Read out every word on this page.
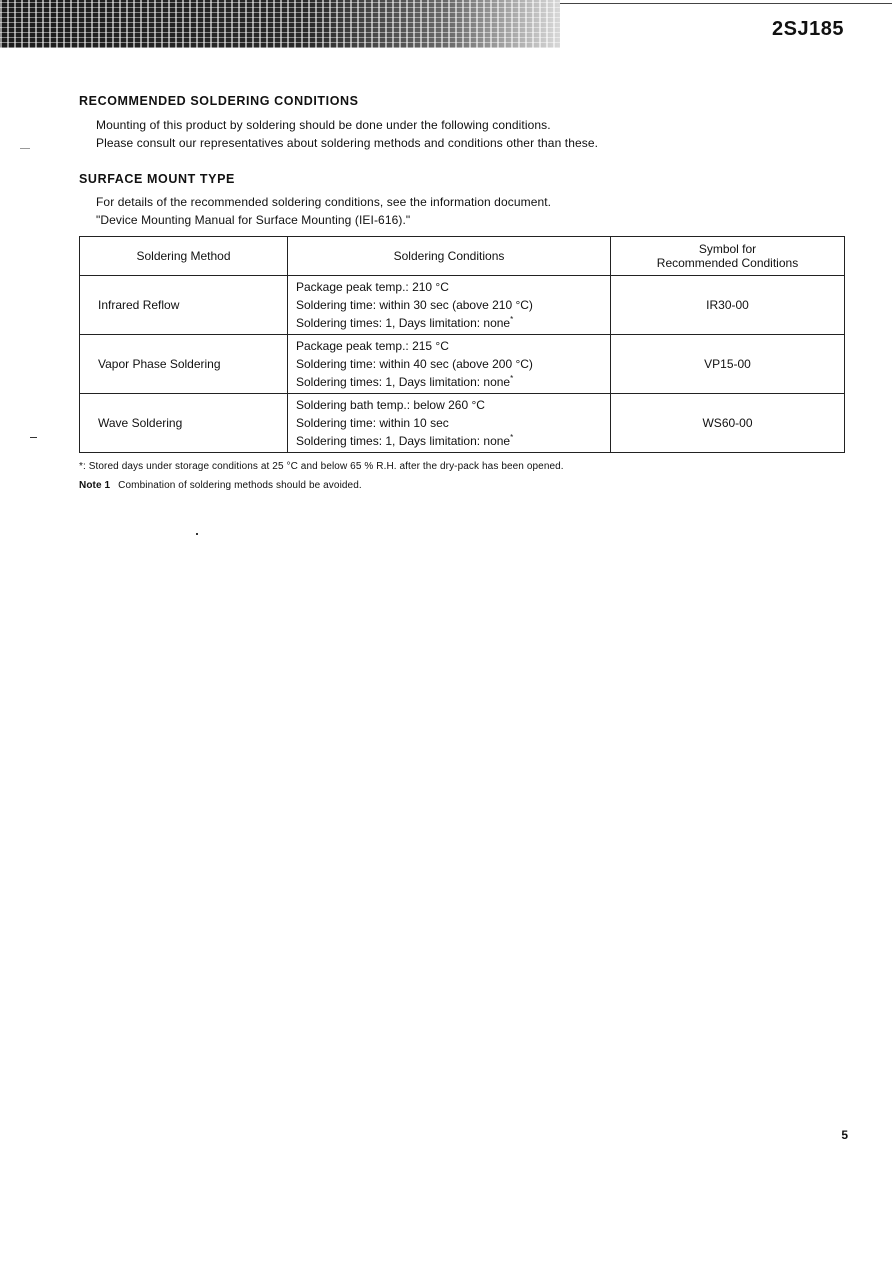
2SJ185
RECOMMENDED SOLDERING CONDITIONS
Mounting of this product by soldering should be done under the following conditions.
Please consult our representatives about soldering methods and conditions other than these.
SURFACE MOUNT TYPE
For details of the recommended soldering conditions, see the information document.
"Device Mounting Manual for Surface Mounting (IEI-616)."
Soldering Method	Soldering Conditions	Symbol for
Recommended Conditions

Infrared Reflow	Package peak temp.: 210 °C
Soldering time: within 30 sec (above 210 °C)
Soldering times: 1, Days limitation: none*	IR30-00
Vapor Phase Soldering	Package peak temp.: 215 °C
Soldering time: within 40 sec (above 200 °C)
Soldering times: 1, Days limitation: none*	VP15-00
Wave Soldering	Soldering bath temp.: below 260 °C
Soldering time: within 10 sec
Soldering times: 1, Days limitation: none*	WS60-00
*: Stored days under storage conditions at 25 °C and below 65 % R.H. after the dry-pack has been opened.
Note 1 Combination of soldering methods should be avoided.
5
